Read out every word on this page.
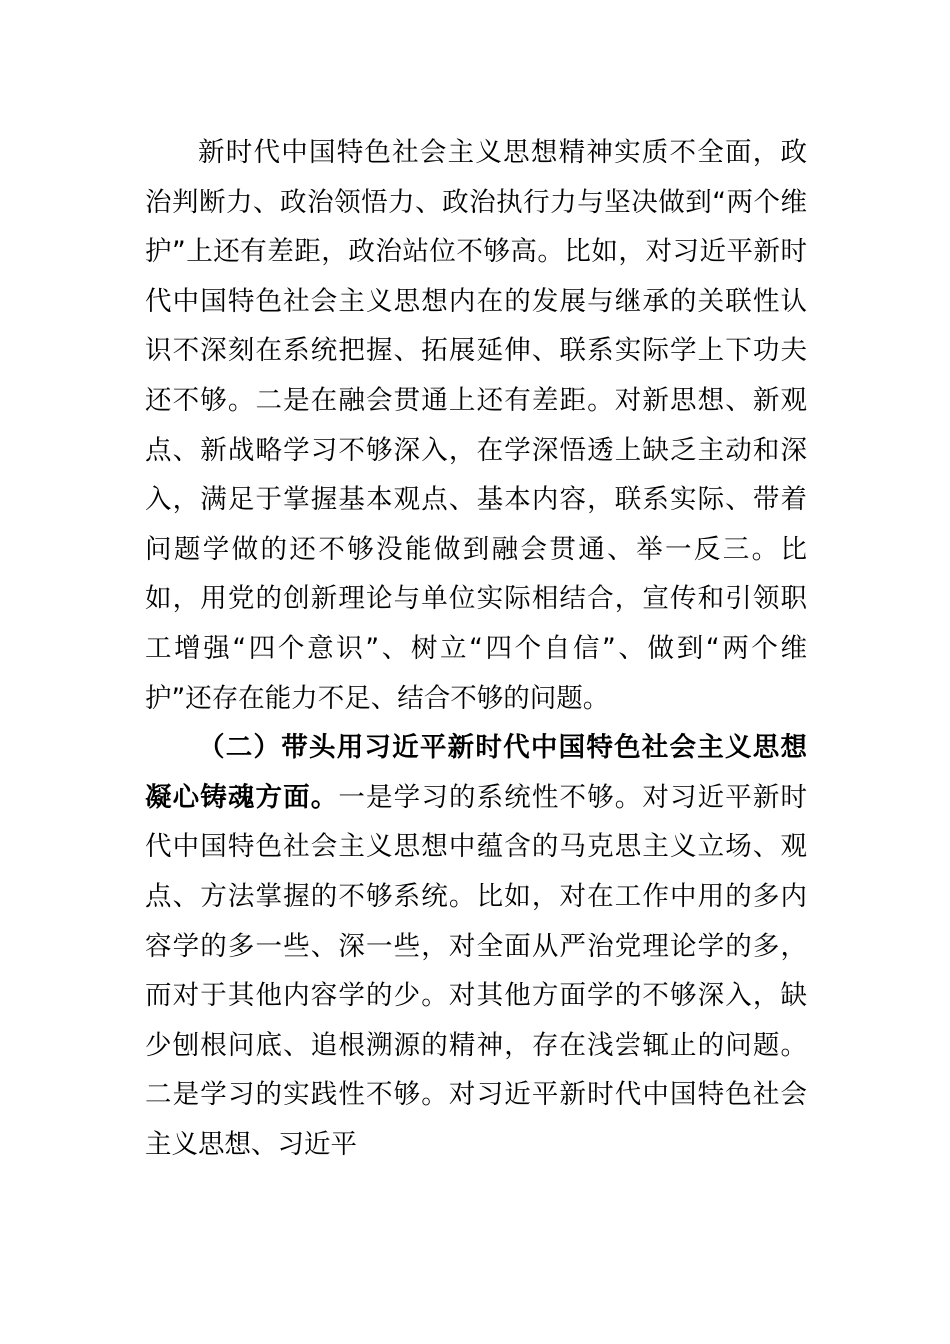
新时代中国特色社会主义思想精神实质不全面，政治判断力、政治领悟力、政治执行力与坚决做到“两个维护”上还有差距，政治站位不够高。比如，对习近平新时代中国特色社会主义思想内在的发展与继承的关联性认识不深刻在系统把握、拓展延伸、联系实际学上下功夫还不够。二是在融会贯通上还有差距。对新思想、新观点、新战略学习不够深入，在学深悟透上缺乏主动和深入，满足于掌握基本观点、基本内容，联系实际、带着问题学做的还不够没能做到融会贯通、举一反三。比如，用党的创新理论与单位实际相结合，宣传和引领职工增强“四个意识”、树立“四个自信”、做到“两个维护”还存在能力不足、结合不够的问题。

（二）带头用习近平新时代中国特色社会主义思想凝心铸魂方面。一是学习的系统性不够。对习近平新时代中国特色社会主义思想中蕴含的马克思主义立场、观点、方法掌握的不够系统。比如，对在工作中用的多内容学的多一些、深一些，对全面从严治党理论学的多，而对于其他内容学的少。对其他方面学的不够深入，缺少刨根问底、追根溯源的精神，存在浅尝辄止的问题。二是学习的实践性不够。对习近平新时代中国特色社会主义思想、习近平
